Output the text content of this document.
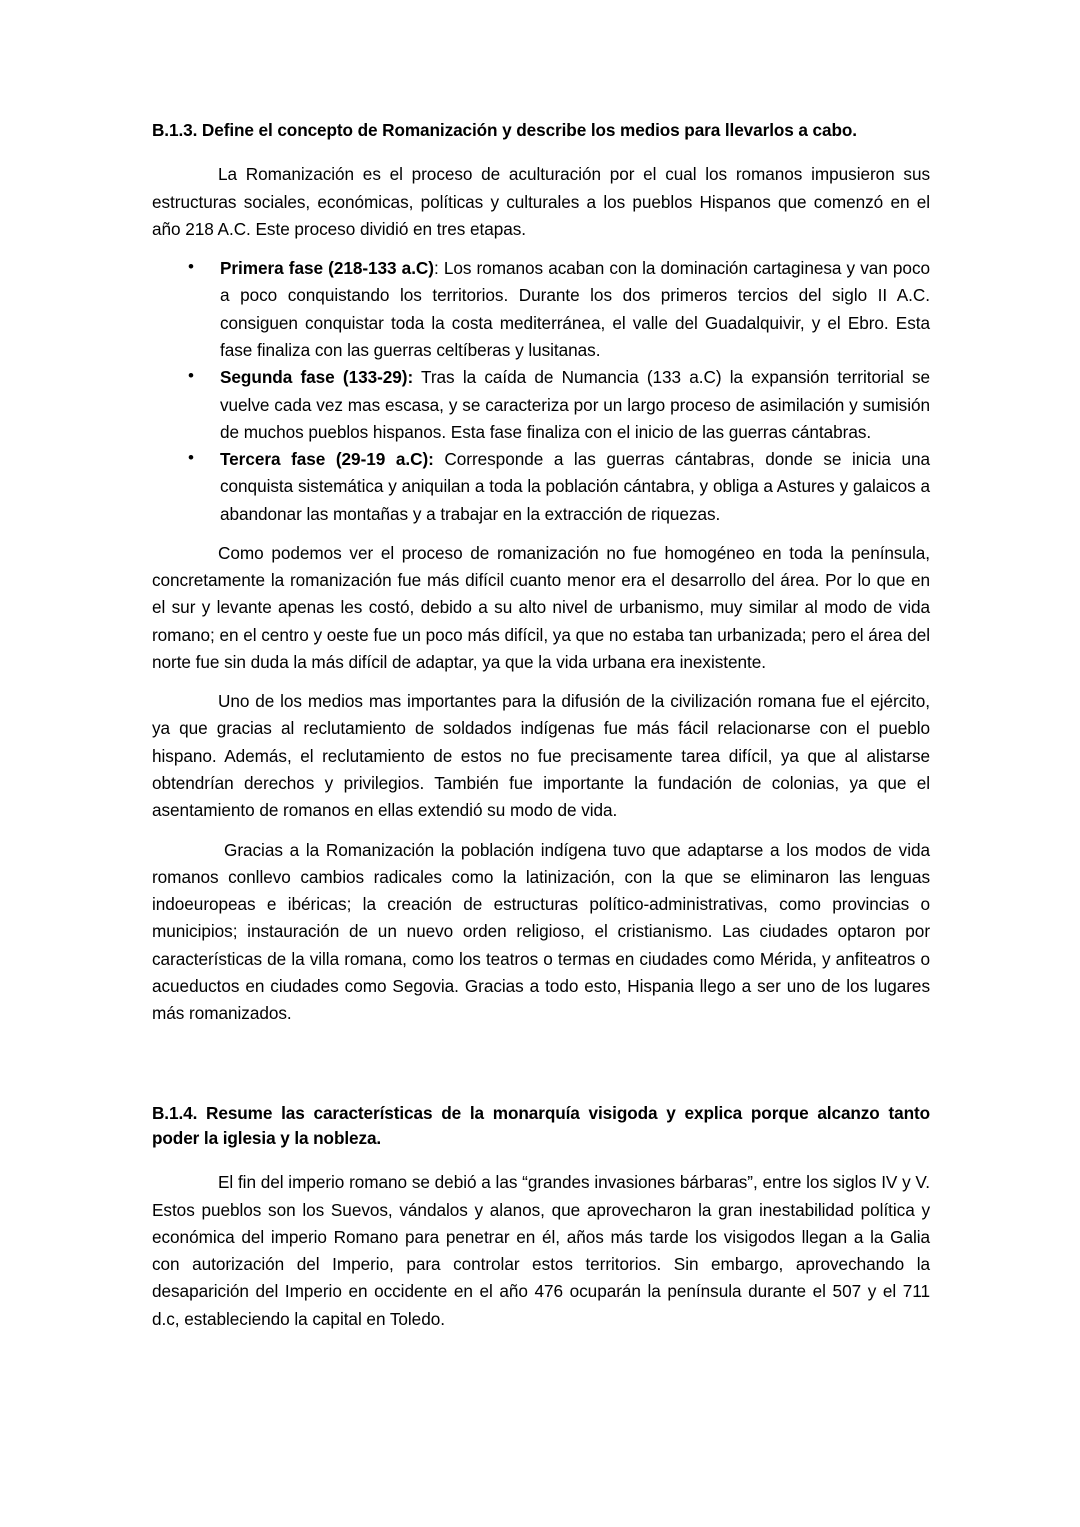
B.1.3. Define el concepto de Romanización y describe los medios para llevarlos a cabo.

La Romanización es el proceso de aculturación por el cual los romanos impusieron sus estructuras sociales, económicas, políticas y culturales a los pueblos Hispanos que comenzó en el año 218 A.C. Este proceso dividió en tres etapas.

• Primera fase (218-133 a.C): Los romanos acaban con la dominación cartaginesa y van poco a poco conquistando los territorios. Durante los dos primeros tercios del siglo II A.C. consiguen conquistar toda la costa mediterránea, el valle del Guadalquivir, y el Ebro. Esta fase finaliza con las guerras celtíberas y lusitanas.
• Segunda fase (133-29): Tras la caída de Numancia (133 a.C) la expansión territorial se vuelve cada vez mas escasa, y se caracteriza por un largo proceso de asimilación y sumisión de muchos pueblos hispanos. Esta fase finaliza con el inicio de las guerras cántabras.
• Tercera fase (29-19 a.C): Corresponde a las guerras cántabras, donde se inicia una conquista sistemática y aniquilan a toda la población cántabra, y obliga a Astures y galaicos a abandonar las montañas y a trabajar en la extracción de riquezas.

Como podemos ver el proceso de romanización no fue homogéneo en toda la península, concretamente la romanización fue más difícil cuanto menor era el desarrollo del área. Por lo que en el sur y levante apenas les costó, debido a su alto nivel de urbanismo, muy similar al modo de vida romano; en el centro y oeste fue un poco más difícil, ya que no estaba tan urbanizada; pero el área del norte fue sin duda la más difícil de adaptar, ya que la vida urbana era inexistente.

Uno de los medios mas importantes para la difusión de la civilización romana fue el ejército, ya que gracias al reclutamiento de soldados indígenas fue más fácil relacionarse con el pueblo hispano. Además, el reclutamiento de estos no fue precisamente tarea difícil, ya que al alistarse obtendrían derechos y privilegios. También fue importante la fundación de colonias, ya que el asentamiento de romanos en ellas extendió su modo de vida.

Gracias a la Romanización la población indígena tuvo que adaptarse a los modos de vida romanos conllevo cambios radicales como la latinización, con la que se eliminaron las lenguas indoeuropeas e ibéricas; la creación de estructuras político-administrativas, como provincias o municipios; instauración de un nuevo orden religioso, el cristianismo. Las ciudades optaron por características de la villa romana, como los teatros o termas en ciudades como Mérida, y anfiteatros o acueductos en ciudades como Segovia. Gracias a todo esto, Hispania llego a ser uno de los lugares más romanizados.

B.1.4. Resume las características de la monarquía visigoda y explica porque alcanzo tanto poder la iglesia y la nobleza.

El fin del imperio romano se debió a las “grandes invasiones bárbaras”, entre los siglos IV y V. Estos pueblos son los Suevos, vándalos y alanos, que aprovecharon la gran inestabilidad política y económica del imperio Romano para penetrar en él, años más tarde los visigodos llegan a la Galia con autorización del Imperio, para controlar estos territorios. Sin embargo, aprovechando la desaparición del Imperio en occidente en el año 476 ocuparán la península durante el 507 y el 711 d.c, estableciendo la capital en Toledo.
